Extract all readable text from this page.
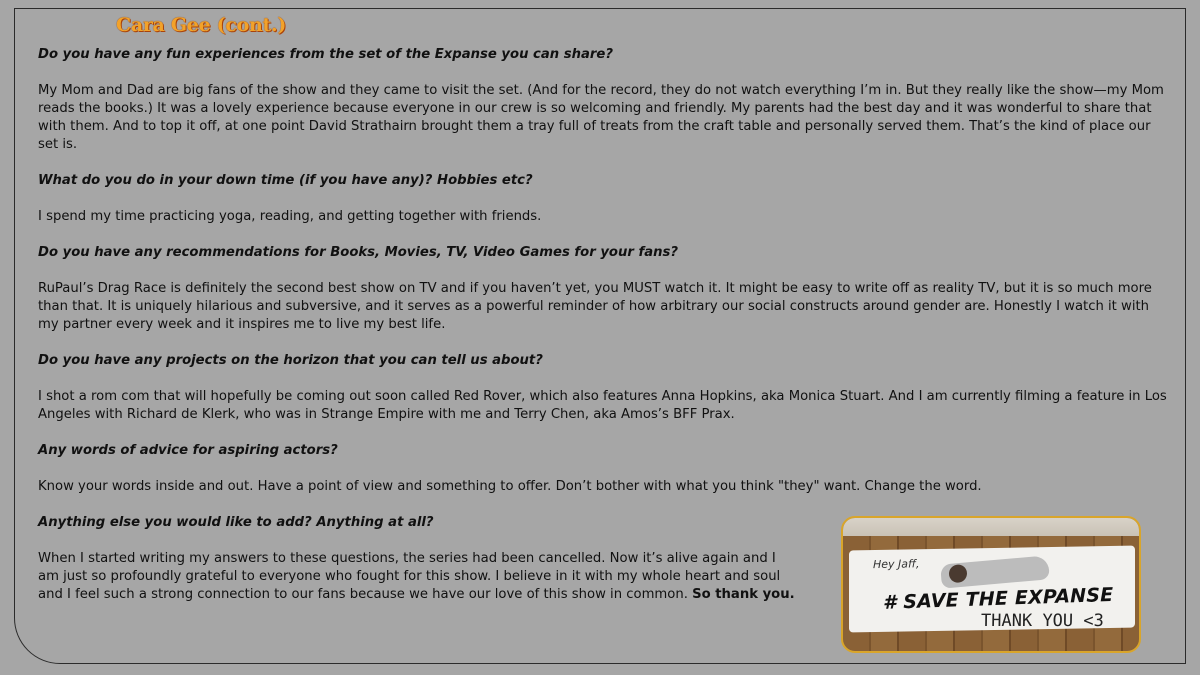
Cara Gee (cont.)
Do you have any fun experiences from the set of the Expanse you can share?
My Mom and Dad are big fans of the show and they came to visit the set. (And for the record, they do not watch everything I’m in. But they really like the show—my Mom reads the books.) It was a lovely experience because everyone in our crew is so welcoming and friendly. My parents had the best day and it was wonderful to share that with them. And to top it off, at one point David Strathairn brought them a tray full of treats from the craft table and personally served them. That’s the kind of place our set is.
What do you do in your down time (if you have any)? Hobbies etc?
I spend my time practicing yoga, reading, and getting together with friends.
Do you have any recommendations for Books, Movies, TV, Video Games for your fans?
RuPaul’s Drag Race is definitely the second best show on TV and if you haven’t yet, you MUST watch it. It might be easy to write off as reality TV, but it is so much more than that. It is uniquely hilarious and subversive, and it serves as a powerful reminder of how arbitrary our social constructs around gender are. Honestly I watch it with my partner every week and it inspires me to live my best life.
Do you have any projects on the horizon that you can tell us about?
I shot a rom com that will hopefully be coming out soon called Red Rover, which also features Anna Hopkins, aka Monica Stuart. And I am currently filming a feature in Los Angeles with Richard de Klerk, who was in Strange Empire with me and Terry Chen, aka Amos’s BFF Prax.
Any words of advice for aspiring actors?
Know your words inside and out. Have a point of view and something to offer. Don’t bother with what you think "they" want. Change the word.
Anything else you would like to add? Anything at all?
When I started writing my answers to these questions, the series had been cancelled. Now it’s alive again and I am just so profoundly grateful to everyone who fought for this show. I believe in it with my whole heart and soul and I feel such a strong connection to our fans because we have our love of this show in common. So thank you.
Hey Jaff,
# SAVE THE EXPANSE
THANK YOU <3
